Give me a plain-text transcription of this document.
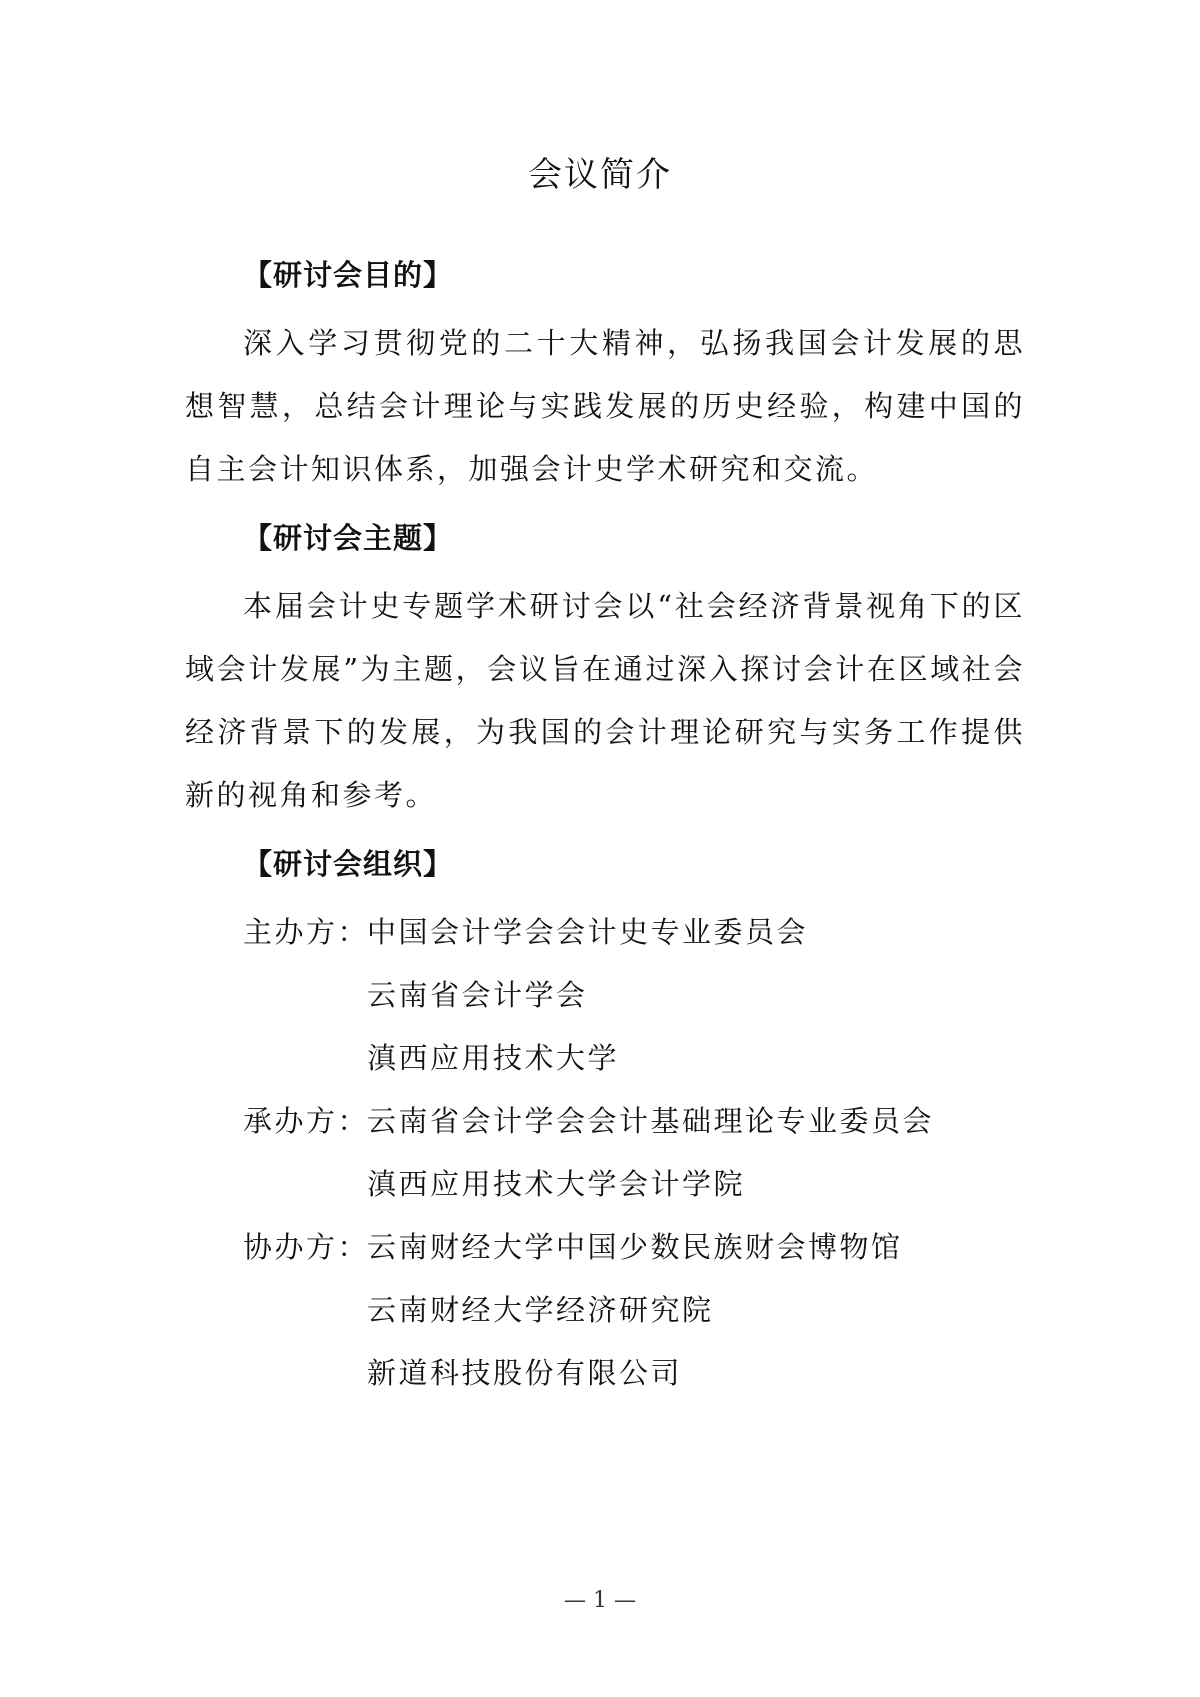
会议简介
【研讨会目的】

深入学习贯彻党的二十大精神，弘扬我国会计发展的思想智慧，总结会计理论与实践发展的历史经验，构建中国的自主会计知识体系，加强会计史学术研究和交流。

【研讨会主题】

本届会计史专题学术研讨会以“社会经济背景视角下的区域会计发展”为主题，会议旨在通过深入探讨会计在区域社会经济背景下的发展，为我国的会计理论研究与实务工作提供新的视角和参考。

【研讨会组织】
主办方：
中国会计学会会计史专业委员会
云南省会计学会
滇西应用技术大学
承办方：
云南省会计学会会计基础理论专业委员会
滇西应用技术大学会计学院
协办方：
云南财经大学中国少数民族财会博物馆
云南财经大学经济研究院
新道科技股份有限公司
— 1 —
